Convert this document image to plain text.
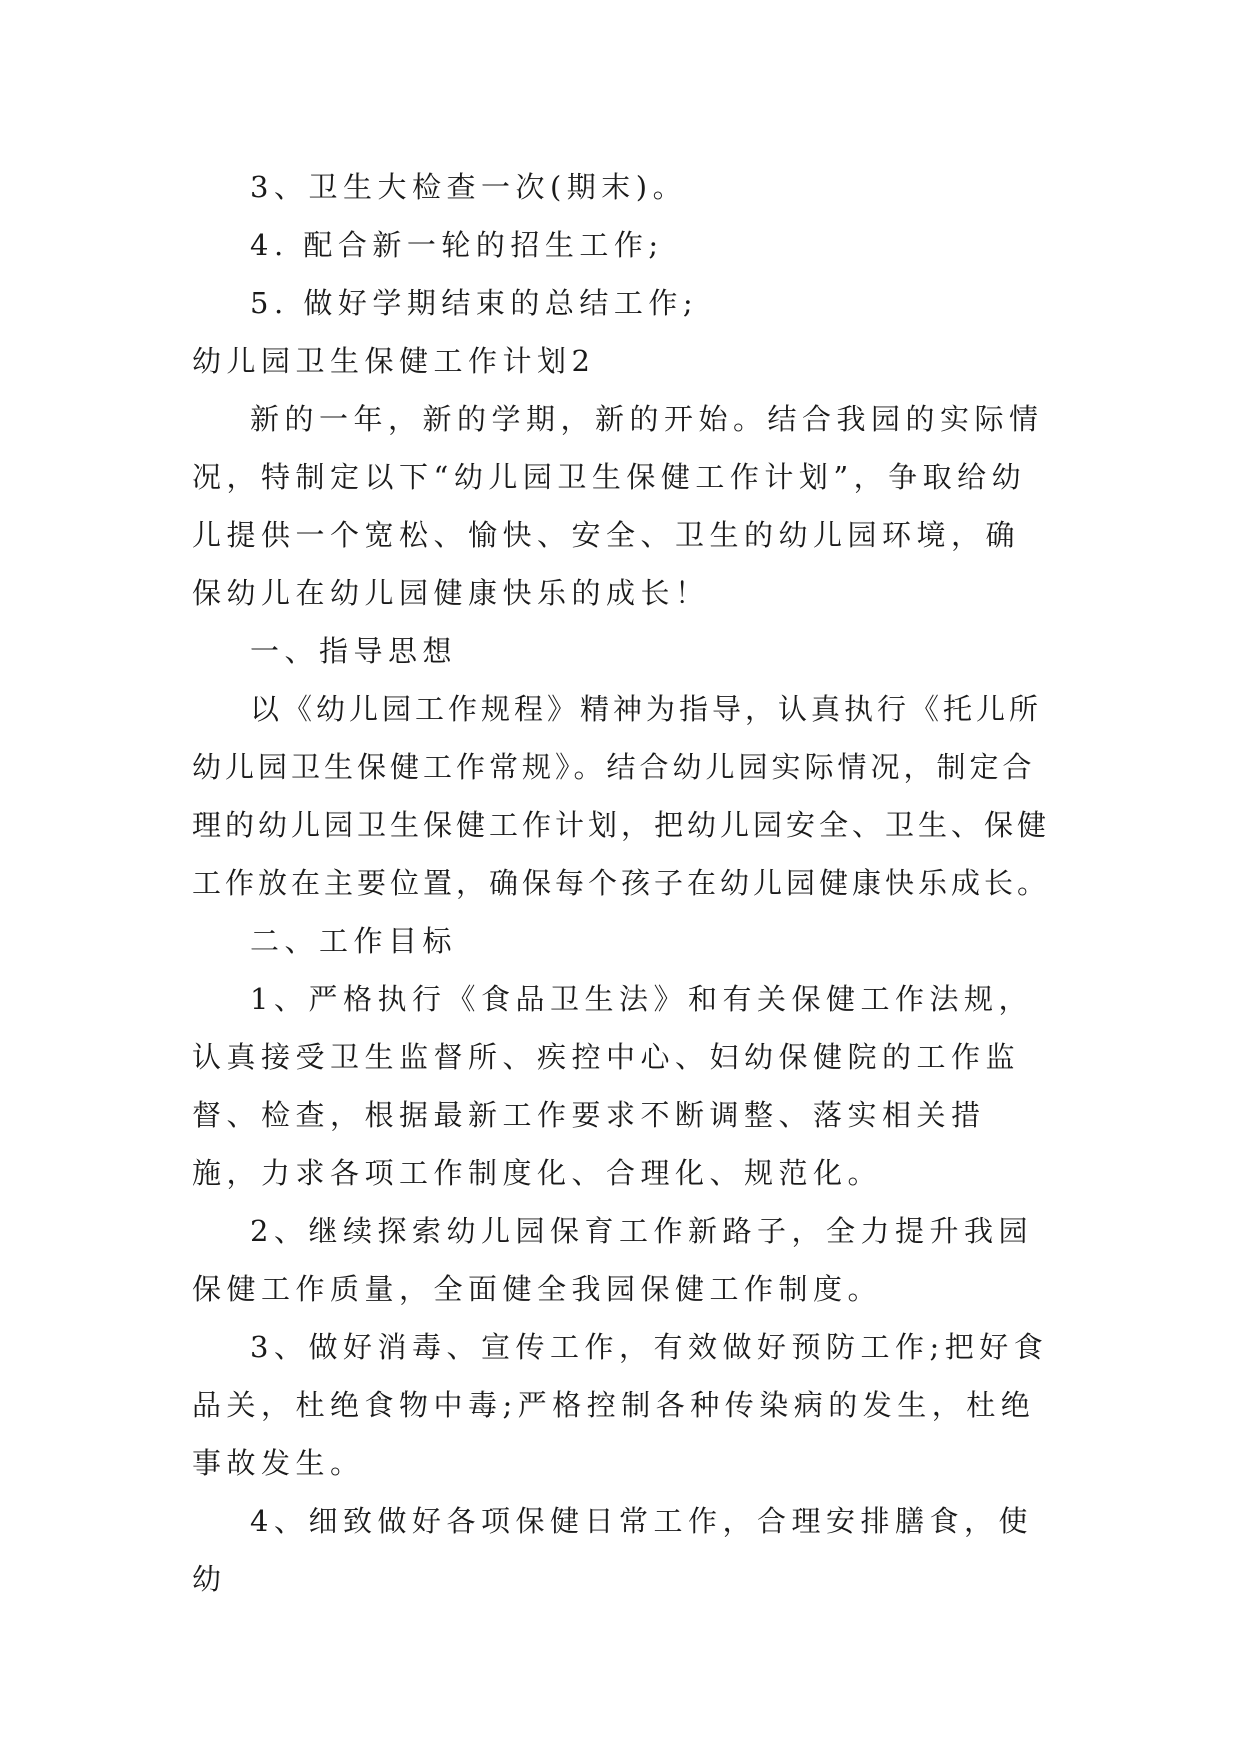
3、卫生大检查一次(期末)。

4. 配合新一轮的招生工作;

5. 做好学期结束的总结工作;

幼儿园卫生保健工作计划2

新的一年，新的学期，新的开始。结合我园的实际情况，特制定以下“幼儿园卫生保健工作计划”，争取给幼儿提供一个宽松、愉快、安全、卫生的幼儿园环境，确保幼儿在幼儿园健康快乐的成长！

一、指导思想

以《幼儿园工作规程》精神为指导，认真执行《托儿所幼儿园卫生保健工作常规》。结合幼儿园实际情况，制定合理的幼儿园卫生保健工作计划，把幼儿园安全、卫生、保健工作放在主要位置，确保每个孩子在幼儿园健康快乐成长。

二、工作目标

1、严格执行《食品卫生法》和有关保健工作法规，认真接受卫生监督所、疾控中心、妇幼保健院的工作监督、检查，根据最新工作要求不断调整、落实相关措施，力求各项工作制度化、合理化、规范化。

2、继续探索幼儿园保育工作新路子，全力提升我园保健工作质量，全面健全我园保健工作制度。

3、做好消毒、宣传工作，有效做好预防工作;把好食品关，杜绝食物中毒;严格控制各种传染病的发生，杜绝事故发生。

4、细致做好各项保健日常工作，合理安排膳食，使幼
